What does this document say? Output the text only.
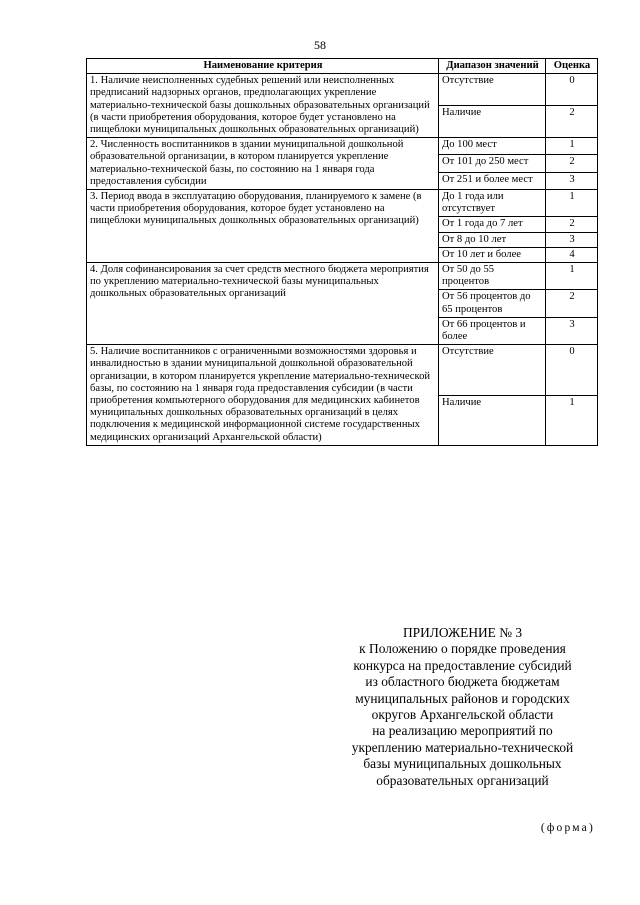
58
Наименование критерия	Диапазон значений	Оценка
1. Наличие неисполненных судебных решений или неисполненных предписаний надзорных органов, предполагающих укрепление материально-технической базы дошкольных образовательных организаций (в части приобретения оборудования, которое будет установлено на пищеблоки муниципальных дошкольных образовательных организаций)	Отсутствие	0
	Наличие	2
2. Численность воспитанников в здании муниципальной дошкольной образовательной организации, в котором планируется укрепление материально-технической базы, по состоянию на 1 января года предоставления субсидии	До 100 мест	1
	От 101 до 250 мест	2
	От 251 и более мест	3
3. Период ввода в эксплуатацию оборудования, планируемого к замене (в части приобретения оборудования, которое будет установлено на пищеблоки муниципальных дошкольных образовательных организаций)	До 1 года или отсутствует	1
	От 1 года до 7 лет	2
	От 8 до 10 лет	3
	От 10 лет и более	4
4. Доля софинансирования за счет средств местного бюджета мероприятия по укреплению материально-технической базы муниципальных дошкольных образовательных организаций	От 50 до 55 процентов	1
	От 56 процентов до 65 процентов	2
	От 66 процентов и более	3
5. Наличие воспитанников с ограниченными возможностями здоровья и инвалидностью в здании муниципальной дошкольной образовательной организации, в котором планируется укрепление материально-технической базы, по состоянию на 1 января года предоставления субсидии (в части приобретения компьютерного оборудования для медицинских кабинетов муниципальных дошкольных образовательных организаций в целях подключения к медицинской информационной системе государственных медицинских организаций Архангельской области)	Отсутствие	0
	Наличие	1
ПРИЛОЖЕНИЕ № 3
к Положению о порядке проведения
конкурса на предоставление субсидий
из областного бюджета бюджетам
муниципальных районов и городских
округов Архангельской области
на реализацию мероприятий по
укреплению материально-технической
базы муниципальных дошкольных
образовательных организаций
(форма)
